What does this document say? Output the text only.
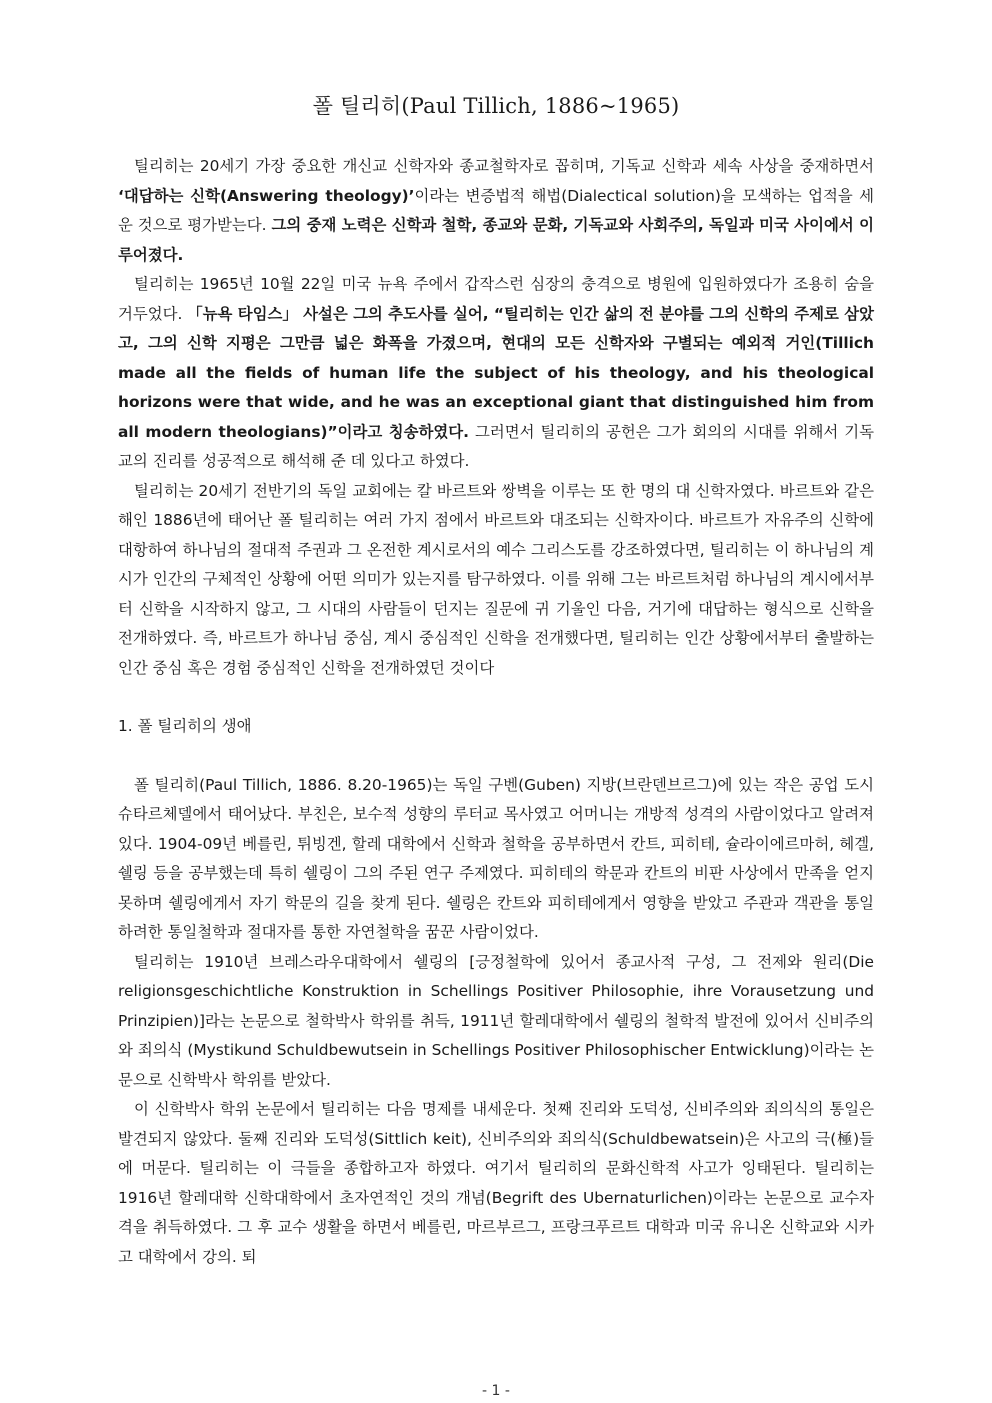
폴 틸리히(Paul Tillich, 1886~1965)

틸리히는 20세기 가장 중요한 개신교 신학자와 종교철학자로 꼽히며, 기독교 신학과 세속 사상을 중재하면서 ‘대답하는 신학(Answering theology)’이라는 변증법적 해법(Dialectical solution)을 모색하는 업적을 세운 것으로 평가받는다. 그의 중재 노력은 신학과 철학, 종교와 문화, 기독교와 사회주의, 독일과 미국 사이에서 이루어졌다.

틸리히는 1965년 10월 22일 미국 뉴욕 주에서 갑작스런 심장의 충격으로 병원에 입원하였다가 조용히 숨을 거두었다. 「뉴욕 타임스」 사설은 그의 추도사를 실어, “틸리히는 인간 삶의 전 분야를 그의 신학의 주제로 삼았고, 그의 신학 지평은 그만큼 넓은 화폭을 가졌으며, 현대의 모든 신학자와 구별되는 예외적 거인(Tillich made all the fields of human life the subject of his theology, and his theological horizons were that wide, and he was an exceptional giant that distinguished him from all modern theologians)”이라고 칭송하였다. 그러면서 틸리히의 공헌은 그가 회의의 시대를 위해서 기독교의 진리를 성공적으로 해석해 준 데 있다고 하였다.

틸리히는 20세기 전반기의 독일 교회에는 칼 바르트와 쌍벽을 이루는 또 한 명의 대 신학자였다. 바르트와 같은 해인 1886년에 태어난 폴 틸리히는 여러 가지 점에서 바르트와 대조되는 신학자이다. 바르트가 자유주의 신학에 대항하여 하나님의 절대적 주권과 그 온전한 계시로서의 예수 그리스도를 강조하였다면, 틸리히는 이 하나님의 계시가 인간의 구체적인 상황에 어떤 의미가 있는지를 탐구하였다. 이를 위해 그는 바르트처럼 하나님의 계시에서부터 신학을 시작하지 않고, 그 시대의 사람들이 던지는 질문에 귀 기울인 다음, 거기에 대답하는 형식으로 신학을 전개하였다. 즉, 바르트가 하나님 중심, 계시 중심적인 신학을 전개했다면, 틸리히는 인간 상황에서부터 출발하는 인간 중심 혹은 경험 중심적인 신학을 전개하였던 것이다

1. 폴 틸리히의 생애

폴 틸리히(Paul Tillich, 1886. 8.20-1965)는 독일 구벤(Guben) 지방(브란덴브르그)에 있는 작은 공업 도시 슈타르체델에서 태어났다. 부친은, 보수적 성향의 루터교 목사였고 어머니는 개방적 성격의 사람이었다고 알려져 있다. 1904-09년 베를린, 튀빙겐, 할레 대학에서 신학과 철학을 공부하면서 칸트, 피히테, 슐라이에르마허, 헤겔, 쉘링 등을 공부했는데 특히 쉘링이 그의 주된 연구 주제였다. 피히테의 학문과 칸트의 비판 사상에서 만족을 얻지 못하며 쉘링에게서 자기 학문의 길을 찾게 된다. 쉘링은 칸트와 피히테에게서 영향을 받았고 주관과 객관을 통일하려한 통일철학과 절대자를 통한 자연철학을 꿈꾼 사람이었다.

틸리히는 1910년 브레스라우대학에서 쉘링의 [긍정철학에 있어서 종교사적 구성, 그 전제와 원리(Die religionsgeschichtliche Konstruktion in Schellings Positiver Philosophie, ihre Vorausetzung und Prinzipien)]라는 논문으로 철학박사 학위를 취득, 1911년 할레대학에서 쉘링의 철학적 발전에 있어서 신비주의와 죄의식 (Mystikund Schuldbewutsein in Schellings Positiver Philosophischer Entwicklung)이라는 논문으로 신학박사 학위를 받았다.

이 신학박사 학위 논문에서 틸리히는 다음 명제를 내세운다. 첫째 진리와 도덕성, 신비주의와 죄의식의 통일은 발견되지 않았다. 둘째 진리와 도덕성(Sittlich keit), 신비주의와 죄의식(Schuldbewatsein)은 사고의 극(極)들에 머문다. 틸리히는 이 극들을 종합하고자 하였다. 여기서 틸리히의 문화신학적 사고가 잉태된다. 틸리히는 1916년 할레대학 신학대학에서 초자연적인 것의 개념(Begrift des Ubernaturlichen)이라는 논문으로 교수자격을 취득하였다. 그 후 교수 생활을 하면서 베를린, 마르부르그, 프랑크푸르트 대학과 미국 유니온 신학교와 시카고 대학에서 강의. 퇴

- 1 -
